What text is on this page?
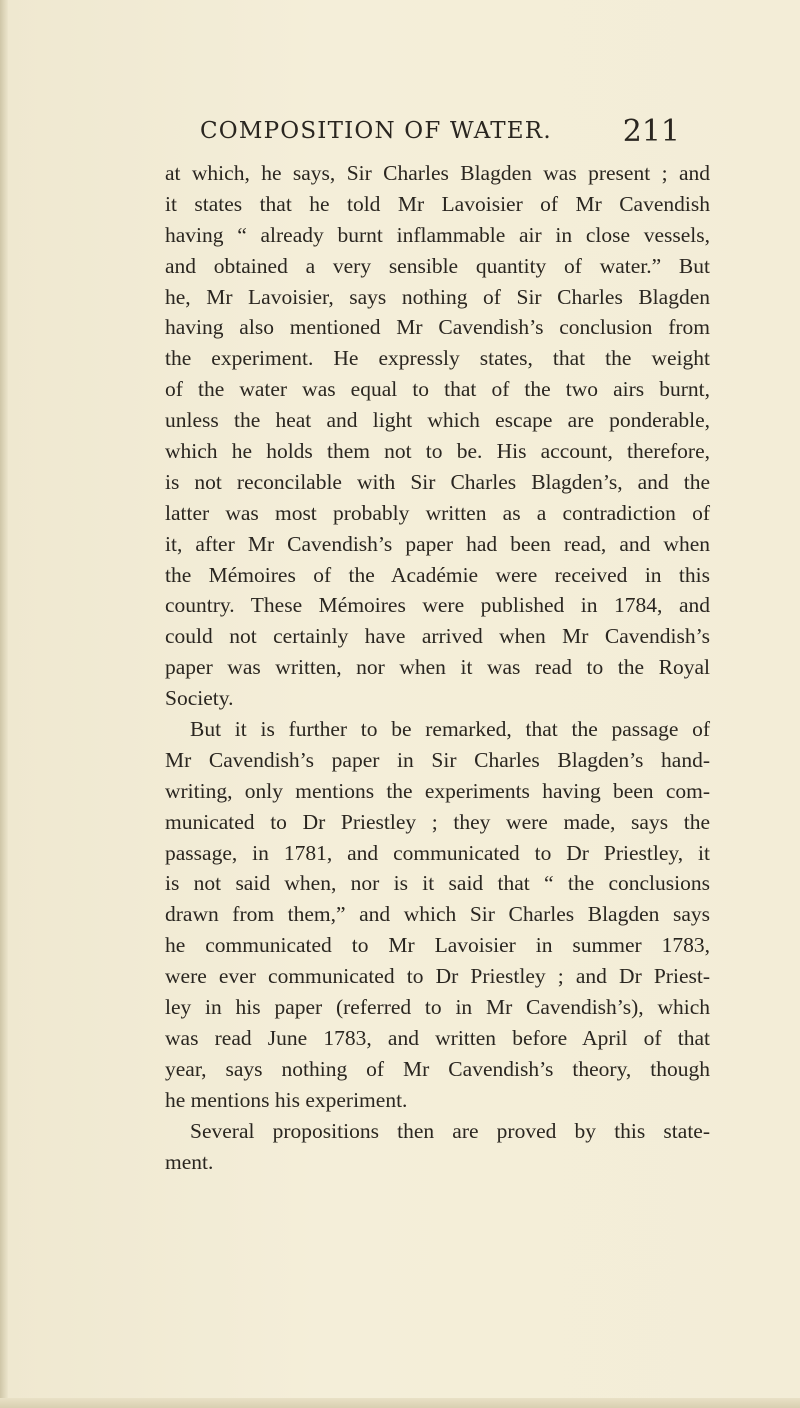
COMPOSITION OF WATER. 211
at which, he says, Sir Charles Blagden was present ; and
it states that he told Mr Lavoisier of Mr Cavendish
having “ already burnt inflammable air in close vessels,
and obtained a very sensible quantity of water.” But
he, Mr Lavoisier, says nothing of Sir Charles Blagden
having also mentioned Mr Cavendish’s conclusion from
the experiment. He expressly states, that the weight
of the water was equal to that of the two airs burnt,
unless the heat and light which escape are ponderable,
which he holds them not to be. His account, therefore,
is not reconcilable with Sir Charles Blagden’s, and the
latter was most probably written as a contradiction of
it, after Mr Cavendish’s paper had been read, and when
the Mémoires of the Académie were received in this
country. These Mémoires were published in 1784, and
could not certainly have arrived when Mr Cavendish’s
paper was written, nor when it was read to the Royal
Society.
But it is further to be remarked, that the passage of
Mr Cavendish’s paper in Sir Charles Blagden’s hand-
writing, only mentions the experiments having been com-
municated to Dr Priestley ; they were made, says the
passage, in 1781, and communicated to Dr Priestley, it
is not said when, nor is it said that “ the conclusions
drawn from them,” and which Sir Charles Blagden says
he communicated to Mr Lavoisier in summer 1783,
were ever communicated to Dr Priestley ; and Dr Priest-
ley in his paper (referred to in Mr Cavendish’s), which
was read June 1783, and written before April of that
year, says nothing of Mr Cavendish’s theory, though
he mentions his experiment.
Several propositions then are proved by this state-
ment.
